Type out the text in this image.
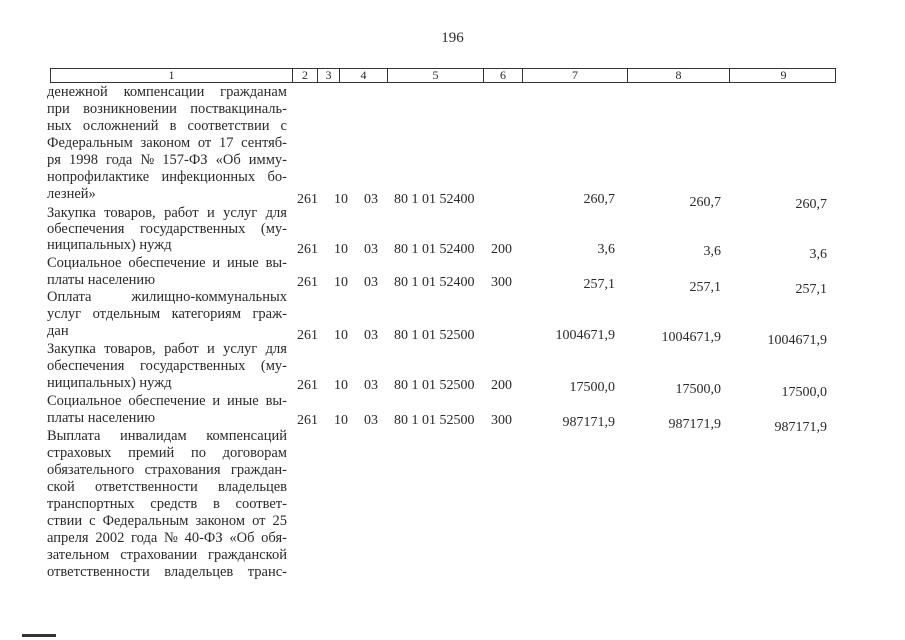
196
1	2	3	4	5	6	7	8	9
денежной компенсации гражданам
при возникновении поствакциналь-
ных осложнений в соответствии с
Федеральным законом от 17 сентяб-
ря 1998 года № 157-ФЗ «Об имму-
нопрофилактике инфекционных бо-
лезней»	261 10 03 80 1 01 52400	260,7	260,7	260,7
Закупка товаров, работ и услуг для
обеспечения государственных (му-
ниципальных) нужд	261 10 03 80 1 01 52400 200	3,6	3,6	3,6
Социальное обеспечение и иные вы-
платы населению	261 10 03 80 1 01 52400 300	257,1	257,1	257,1
Оплата	жилищно-коммунальных
услуг отдельным категориям граж-
дан	261 10 03 80 1 01 52500	1004671,9	1004671,9	1004671,9
Закупка товаров, работ и услуг для
обеспечения государственных (му-
ниципальных) нужд	261 10 03 80 1 01 52500 200	17500,0	17500,0	17500,0
Социальное обеспечение и иные вы-
платы населению	261 10 03 80 1 01 52500 300	987171,9	987171,9	987171,9
Выплата инвалидам компенсаций
страховых премий по договорам
обязательного страхования граждан-
ской ответственности владельцев
транспортных средств в соответ-
ствии с Федеральным законом от 25
апреля 2002 года № 40-ФЗ «Об обя-
зательном страховании гражданской
ответственности владельцев транс-
